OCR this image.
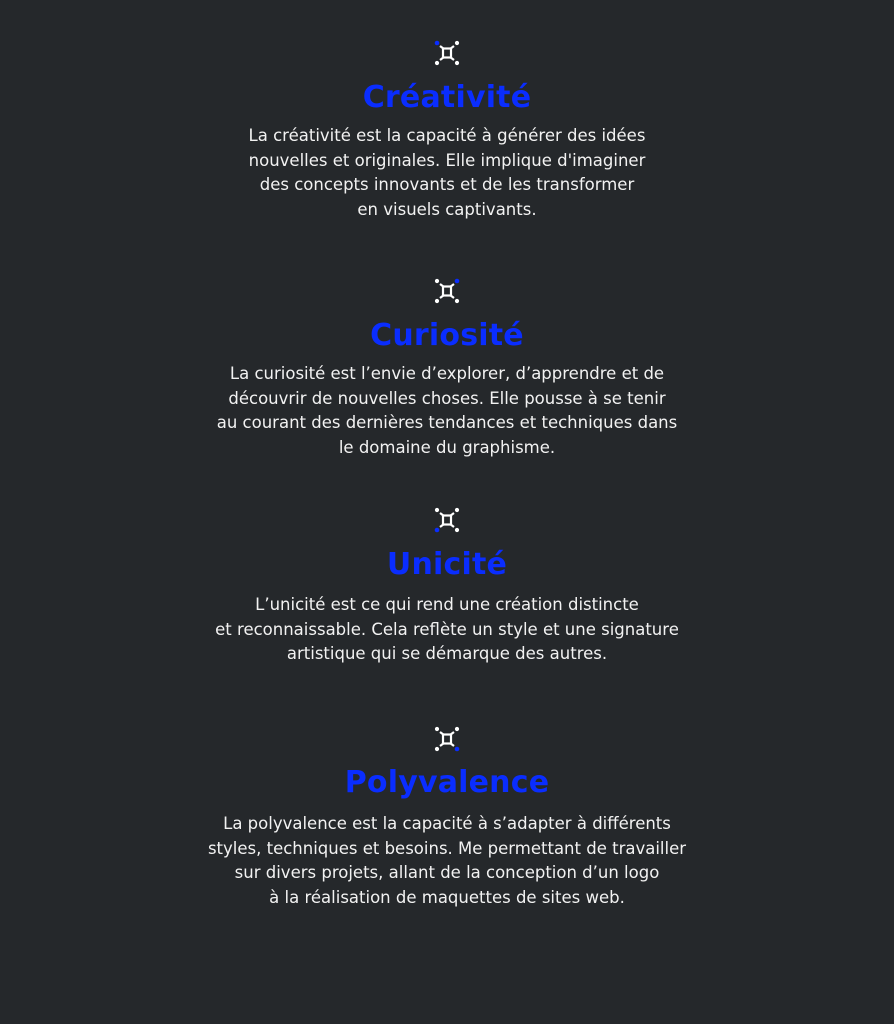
Créativité
La créativité est la capacité à générer des idées
nouvelles et originales. Elle implique d'imaginer
des concepts innovants et de les transformer
en visuels captivants.
Curiosité
La curiosité est l’envie d’explorer, d’apprendre et de
découvrir de nouvelles choses. Elle pousse à se tenir
au courant des dernières tendances et techniques dans
le domaine du graphisme.
Unicité
L’unicité est ce qui rend une création distincte
et reconnaissable. Cela reflète un style et une signature
artistique qui se démarque des autres.
Polyvalence
La polyvalence est la capacité à s’adapter à différents
styles, techniques et besoins. Me permettant de travailler
sur divers projets, allant de la conception d’un logo
à la réalisation de maquettes de sites web.
